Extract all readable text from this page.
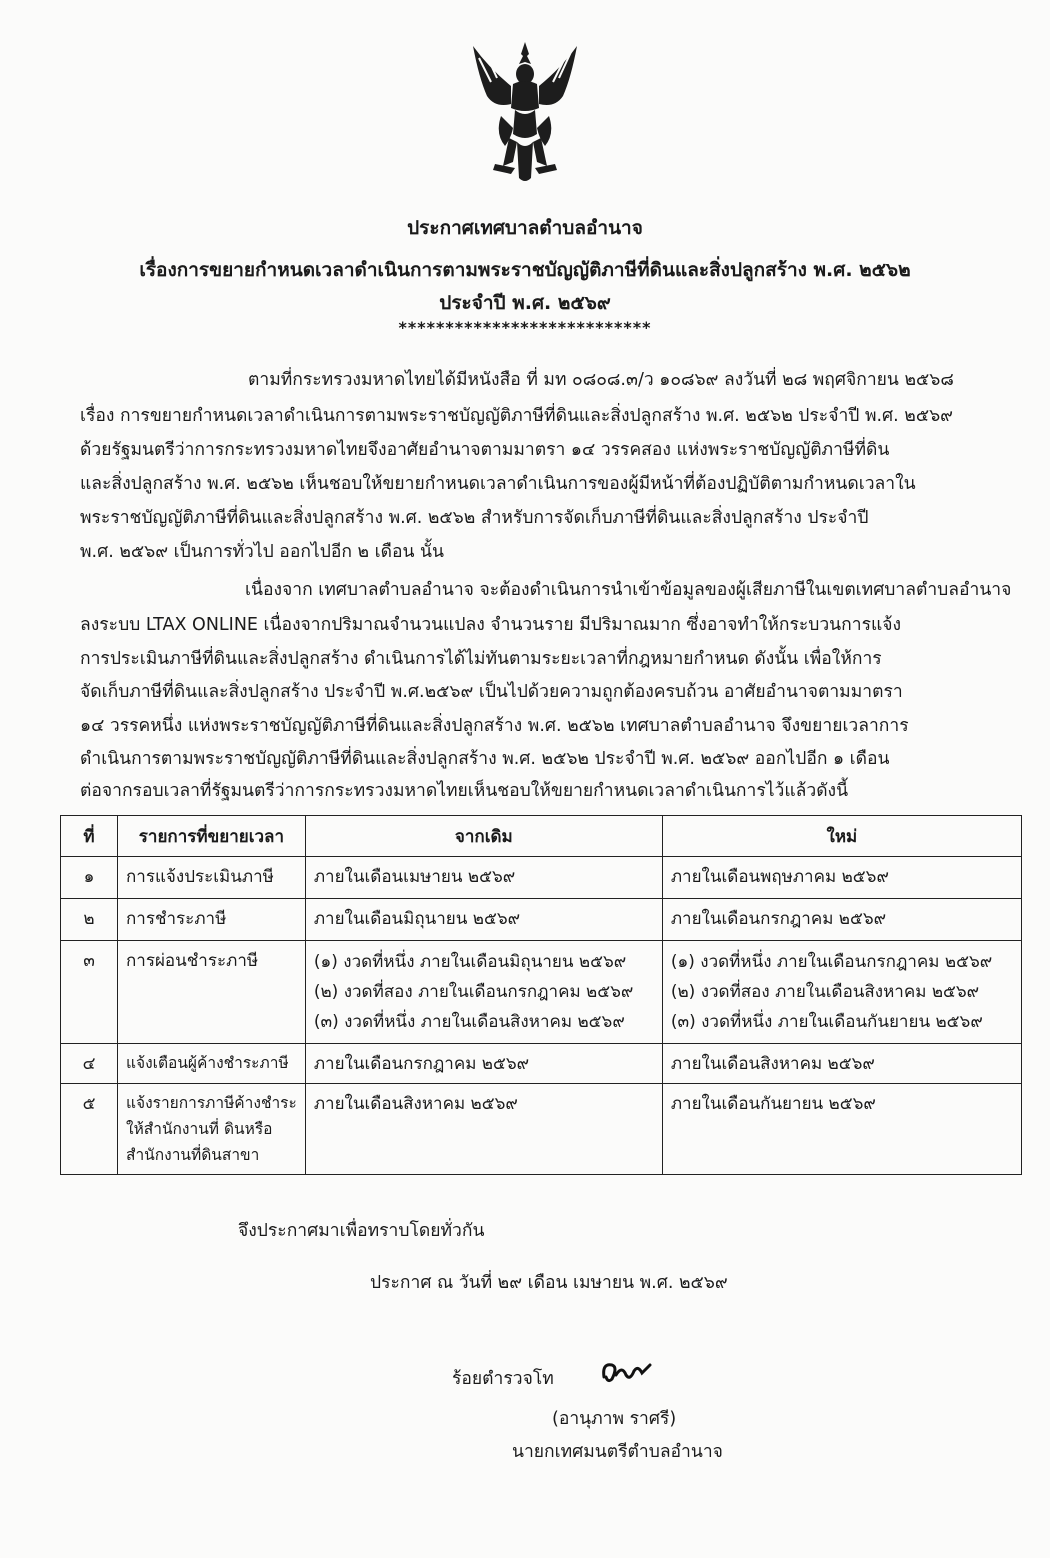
ประกาศเทศบาลตำบลอำนาจ
เรื่องการขยายกำหนดเวลาดำเนินการตามพระราชบัญญัติภาษีที่ดินและสิ่งปลูกสร้าง พ.ศ. ๒๕๖๒
ประจำปี พ.ศ. ๒๕๖๙
***************************
ตามที่กระทรวงมหาดไทยได้มีหนังสือ ที่ มท ๐๘๐๘.๓/ว ๑๐๘๖๙ ลงวันที่ ๒๘ พฤศจิกายน ๒๕๖๘
เรื่อง การขยายกำหนดเวลาดำเนินการตามพระราชบัญญัติภาษีที่ดินและสิ่งปลูกสร้าง พ.ศ. ๒๕๖๒ ประจำปี พ.ศ. ๒๕๖๙
ด้วยรัฐมนตรีว่าการกระทรวงมหาดไทยจึงอาศัยอำนาจตามมาตรา ๑๔ วรรคสอง แห่งพระราชบัญญัติภาษีที่ดิน
และสิ่งปลูกสร้าง พ.ศ. ๒๕๖๒ เห็นชอบให้ขยายกำหนดเวลาดำเนินการของผู้มีหน้าที่ต้องปฏิบัติตามกำหนดเวลาใน
พระราชบัญญัติภาษีที่ดินและสิ่งปลูกสร้าง พ.ศ. ๒๕๖๒ สำหรับการจัดเก็บภาษีที่ดินและสิ่งปลูกสร้าง ประจำปี
พ.ศ. ๒๕๖๙ เป็นการทั่วไป ออกไปอีก ๒ เดือน นั้น
เนื่องจาก เทศบาลตำบลอำนาจ จะต้องดำเนินการนำเข้าข้อมูลของผู้เสียภาษีในเขตเทศบาลตำบลอำนาจ
ลงระบบ LTAX ONLINE เนื่องจากปริมาณจำนวนแปลง จำนวนราย มีปริมาณมาก ซึ่งอาจทำให้กระบวนการแจ้ง
การประเมินภาษีที่ดินและสิ่งปลูกสร้าง ดำเนินการได้ไม่ทันตามระยะเวลาที่กฎหมายกำหนด ดังนั้น เพื่อให้การ
จัดเก็บภาษีที่ดินและสิ่งปลูกสร้าง ประจำปี พ.ศ.๒๕๖๙ เป็นไปด้วยความถูกต้องครบถ้วน อาศัยอำนาจตามมาตรา
๑๔ วรรคหนึ่ง แห่งพระราชบัญญัติภาษีที่ดินและสิ่งปลูกสร้าง พ.ศ. ๒๕๖๒ เทศบาลตำบลอำนาจ จึงขยายเวลาการ
ดำเนินการตามพระราชบัญญัติภาษีที่ดินและสิ่งปลูกสร้าง พ.ศ. ๒๕๖๒ ประจำปี พ.ศ. ๒๕๖๙ ออกไปอีก ๑ เดือน
ต่อจากรอบเวลาที่รัฐมนตรีว่าการกระทรวงมหาดไทยเห็นชอบให้ขยายกำหนดเวลาดำเนินการไว้แล้วดังนี้
ที่	รายการที่ขยายเวลา	จากเดิม	ใหม่
๑	การแจ้งประเมินภาษี	ภายในเดือนเมษายน ๒๕๖๙	ภายในเดือนพฤษภาคม ๒๕๖๙
๒	การชำระภาษี	ภายในเดือนมิถุนายน ๒๕๖๙	ภายในเดือนกรกฎาคม ๒๕๖๙
๓	การผ่อนชำระภาษี	(๑) งวดที่หนึ่ง ภายในเดือนมิถุนายน ๒๕๖๙
(๒) งวดที่สอง ภายในเดือนกรกฎาคม ๒๕๖๙
(๓) งวดที่หนึ่ง ภายในเดือนสิงหาคม ๒๕๖๙	(๑) งวดที่หนึ่ง ภายในเดือนกรกฎาคม ๒๕๖๙
(๒) งวดที่สอง ภายในเดือนสิงหาคม ๒๕๖๙
(๓) งวดที่หนึ่ง ภายในเดือนกันยายน ๒๕๖๙

๔	แจ้งเตือนผู้ค้างชำระภาษี	ภายในเดือนกรกฎาคม ๒๕๖๙	ภายในเดือนสิงหาคม ๒๕๖๙
๕	แจ้งรายการภาษีค้างชำระ
ให้สำนักงานที่ ดินหรือ
สำนักงานที่ดินสาขา	ภายในเดือนสิงหาคม ๒๕๖๙	ภายในเดือนกันยายน ๒๕๖๙
จึงประกาศมาเพื่อทราบโดยทั่วกัน
ประกาศ ณ วันที่ ๒๙ เดือน เมษายน พ.ศ. ๒๕๖๙
ร้อยตำรวจโท
(อานุภาพ ราศรี)
นายกเทศมนตรีตำบลอำนาจ
